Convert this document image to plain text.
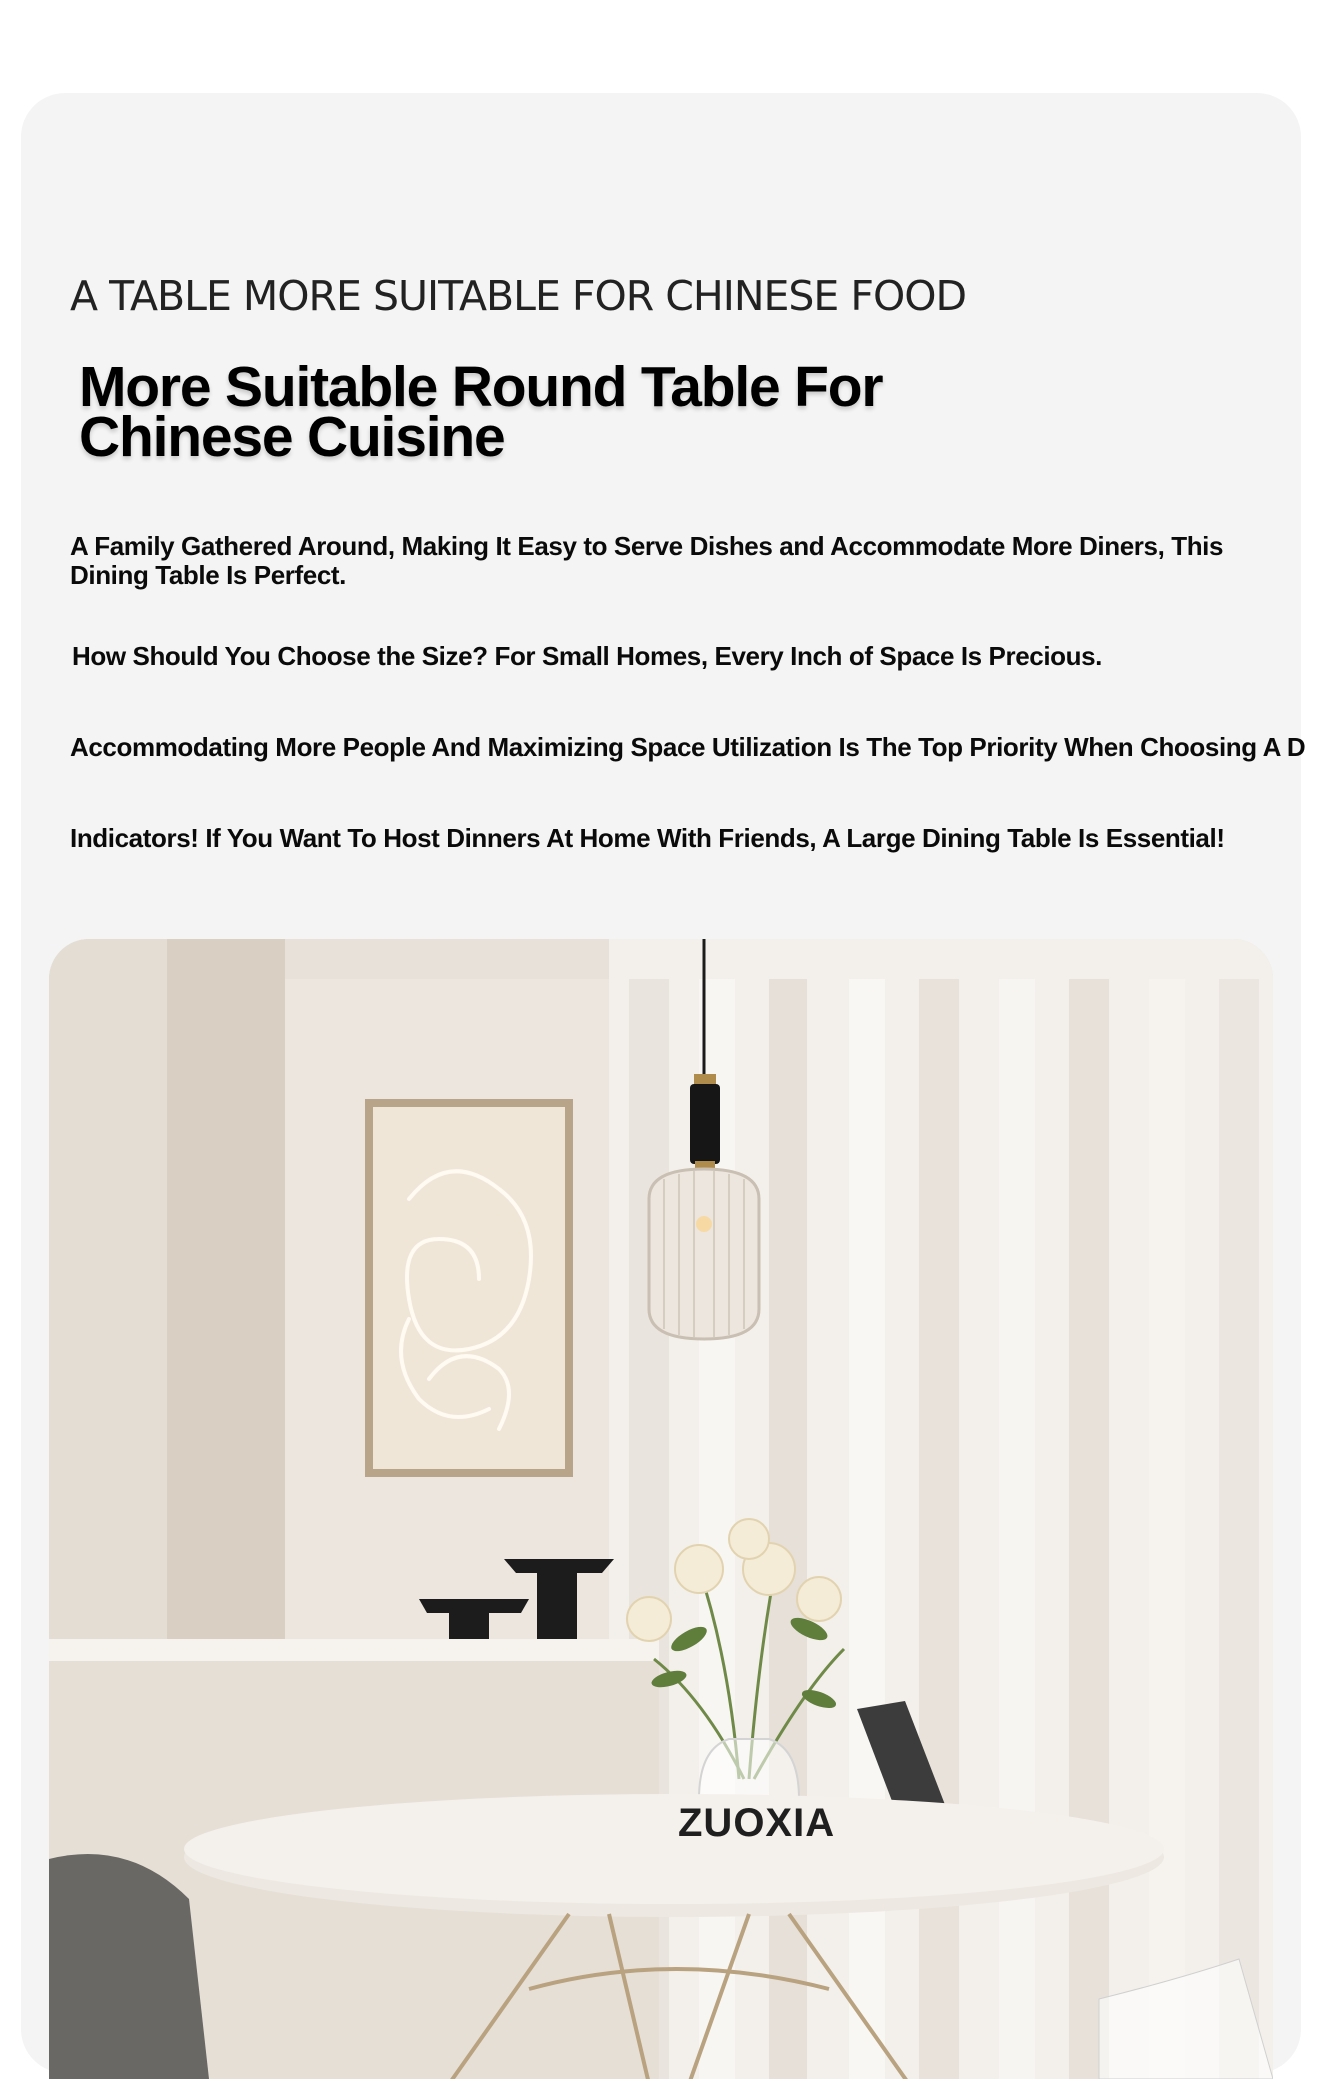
A TABLE MORE SUITABLE FOR CHINESE FOOD
More Suitable Round Table For Chinese Cuisine
A Family Gathered Around, Making It Easy to Serve Dishes and Accommodate More Diners, This Dining Table Is Perfect.
How Should You Choose the Size? For Small Homes, Every Inch of Space Is Precious.
Accommodating More People And Maximizing Space Utilization Is The Top Priority When Choosing A D
Indicators! If You Want To Host Dinners At Home With Friends, A Large Dining Table Is Essential!
ZUOXIA
